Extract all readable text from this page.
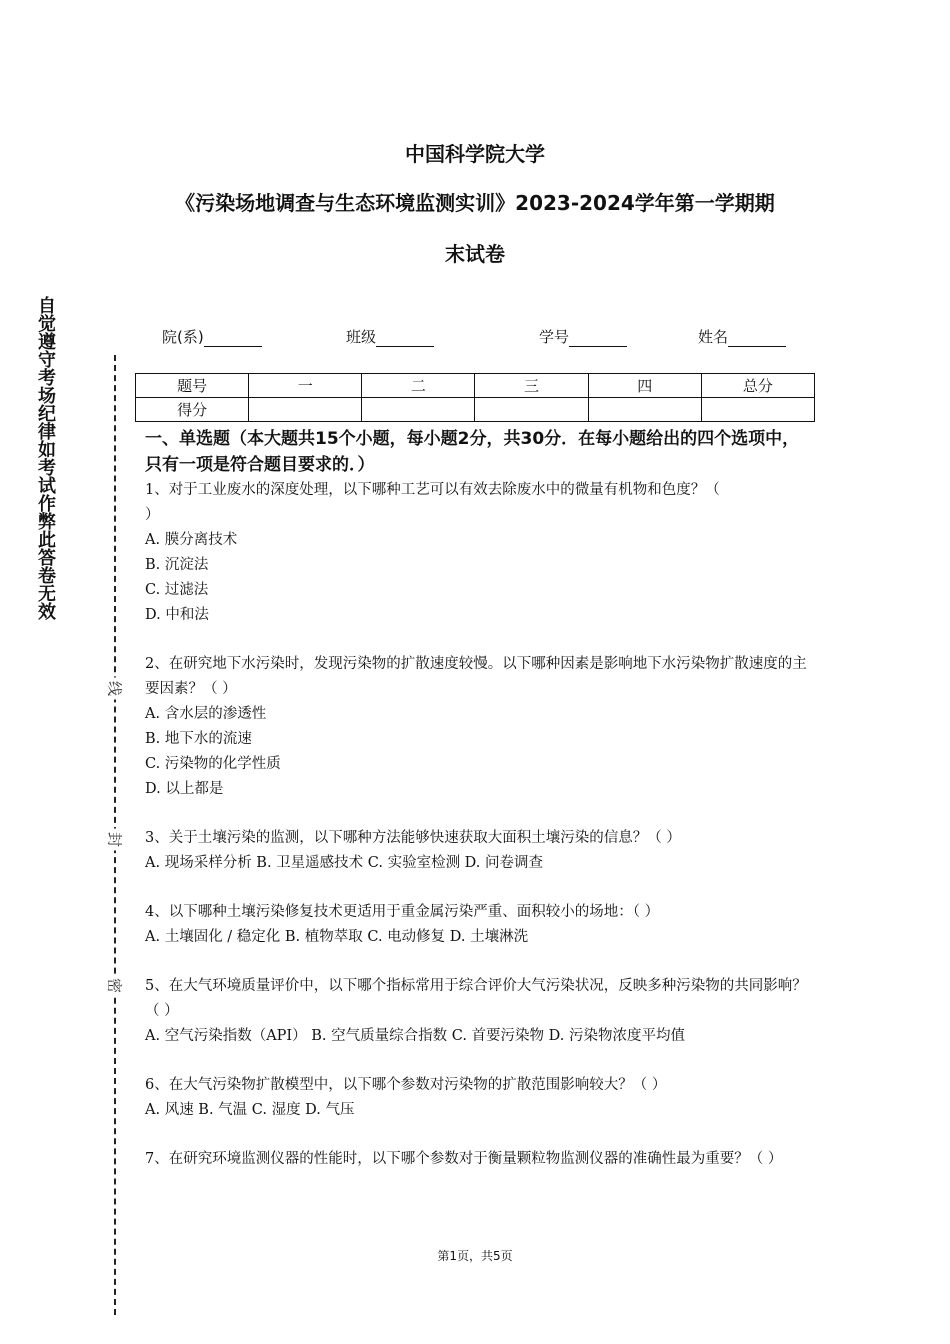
中国科学院大学
《污染场地调查与生态环境监测实训》2023-2024学年第一学期期
末试卷
自觉遵守考场纪律如考试作弊此答卷无效
线
封
密
院(系)	班级	学号	姓名
题号	一	二	三	四	总分
得分					
一、单选题（本大题共15个小题，每小题2分，共30分．在每小题给出的四个选项中，只有一项是符合题目要求的．）

1、对于工业废水的深度处理，以下哪种工艺可以有效去除废水中的微量有机物和色度？（

）

A. 膜分离技术

B. 沉淀法

C. 过滤法

D. 中和法

2、在研究地下水污染时，发现污染物的扩散速度较慢。以下哪种因素是影响地下水污染物扩散速度的主要因素？（ ）

A. 含水层的渗透性

B. 地下水的流速

C. 污染物的化学性质

D. 以上都是

3、关于土壤污染的监测，以下哪种方法能够快速获取大面积土壤污染的信息？（ ）

A. 现场采样分析 B. 卫星遥感技术 C. 实验室检测 D. 问卷调查

4、以下哪种土壤污染修复技术更适用于重金属污染严重、面积较小的场地：（ ）

A. 土壤固化 / 稳定化 B. 植物萃取 C. 电动修复 D. 土壤淋洗

5、在大气环境质量评价中，以下哪个指标常用于综合评价大气污染状况，反映多种污染物的共同影响？（ ）

A. 空气污染指数（API） B. 空气质量综合指数 C. 首要污染物 D. 污染物浓度平均值

6、在大气污染物扩散模型中，以下哪个参数对污染物的扩散范围影响较大？（ ）

A. 风速 B. 气温 C. 湿度 D. 气压

7、在研究环境监测仪器的性能时，以下哪个参数对于衡量颗粒物监测仪器的准确性最为重要？（ ）

第1页，共5页
